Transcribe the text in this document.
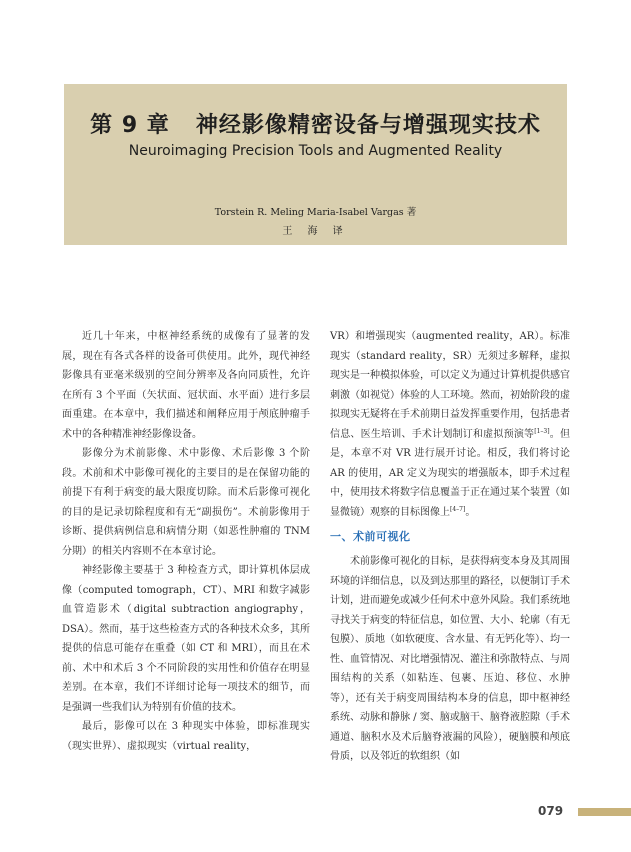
第 9 章 神经影像精密设备与增强现实技术
Neuroimaging Precision Tools and Augmented Reality
Torstein R. Meling Maria-Isabel Vargas 著
王 海 译

近几十年来，中枢神经系统的成像有了显著的发展，现在有各式各样的设备可供使用。此外，现代神经影像具有亚毫米级别的空间分辨率及各向同质性，允许在所有 3 个平面（矢状面、冠状面、水平面）进行多层面重建。在本章中，我们描述和阐释应用于颅底肿瘤手术中的各种精准神经影像设备。

影像分为术前影像、术中影像、术后影像 3 个阶段。术前和术中影像可视化的主要目的是在保留功能的前提下有利于病变的最大限度切除。而术后影像可视化的目的是记录切除程度和有无“副损伤”。术前影像用于诊断、提供病例信息和病情分期（如恶性肿瘤的 TNM 分期）的相关内容则不在本章讨论。

神经影像主要基于 3 种检查方式，即计算机体层成像（computed tomograph，CT）、MRI 和数字减影血管造影术（digital subtraction angiography，DSA）。然而，基于这些检查方式的各种技术众多，其所提供的信息可能存在重叠（如 CT 和 MRI），而且在术前、术中和术后 3 个不同阶段的实用性和价值存在明显差别。在本章，我们不详细讨论每一项技术的细节，而是强调一些我们认为特别有价值的技术。

最后，影像可以在 3 种现实中体验，即标准现实（现实世界）、虚拟现实（virtual reality，

VR）和增强现实（augmented reality，AR）。标准现实（standard reality，SR）无须过多解释，虚拟现实是一种模拟体验，可以定义为通过计算机提供感官刺激（如视觉）体验的人工环境。然而，初始阶段的虚拟现实无疑将在手术前期日益发挥重要作用，包括患者信息、医生培训、手术计划制订和虚拟预演等[1–3]。但是，本章不对 VR 进行展开讨论。相反，我们将讨论 AR 的使用，AR 定义为现实的增强版本，即手术过程中，使用技术将数字信息覆盖于正在通过某个装置（如显微镜）观察的目标图像上[4–7]。

一、术前可视化

术前影像可视化的目标，是获得病变本身及其周围环境的详细信息，以及到达那里的路径，以便制订手术计划，进而避免或减少任何术中意外风险。我们系统地寻找关于病变的特征信息，如位置、大小、轮廓（有无包膜）、质地（如软硬度、含水量、有无钙化等）、均一性、血管情况、对比增强情况、灌注和弥散特点、与周围结构的关系（如粘连、包裹、压迫、移位、水肿等），还有关于病变周围结构本身的信息，即中枢神经系统、动脉和静脉 / 窦、脑或脑干、脑脊液腔隙（手术通道、脑积水及术后脑脊液漏的风险），硬脑膜和颅底骨质，以及邻近的软组织（如

079
